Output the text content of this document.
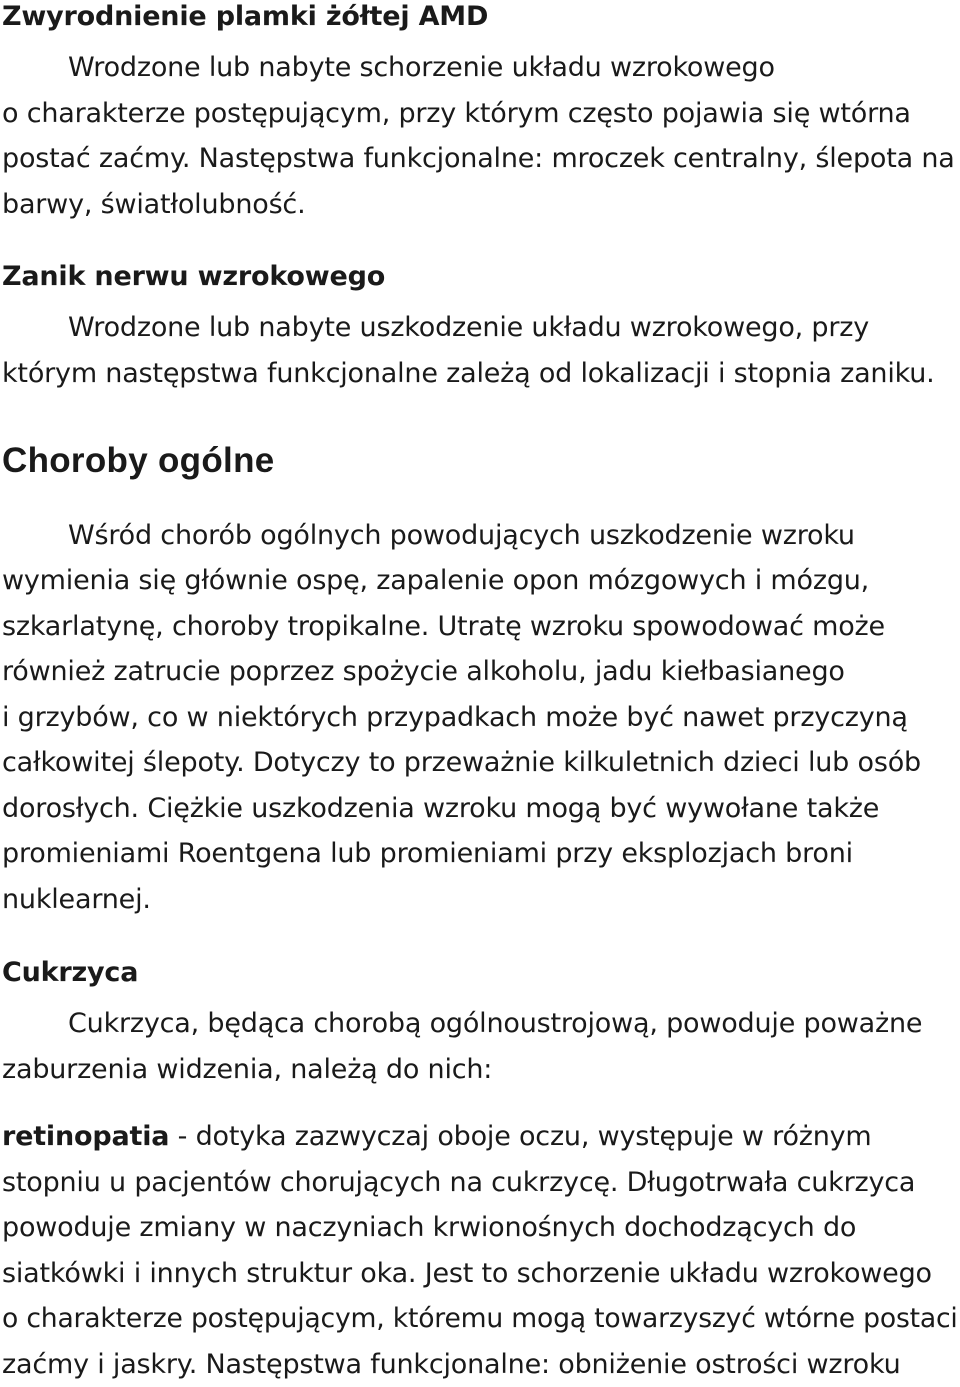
Zwyrodnienie plamki żółtej AMD
Wrodzone lub nabyte schorzenie układu wzrokowego
o charakterze postępującym, przy którym często pojawia się wtórna
postać zaćmy. Następstwa funkcjonalne: mroczek centralny, ślepota na
barwy, światłolubność.
Zanik nerwu wzrokowego
Wrodzone lub nabyte uszkodzenie układu wzrokowego, przy
którym następstwa funkcjonalne zależą od lokalizacji i stopnia zaniku.
Choroby ogólne
Wśród chorób ogólnych powodujących uszkodzenie wzroku
wymienia się głównie ospę, zapalenie opon mózgowych i mózgu,
szkarlatynę, choroby tropikalne. Utratę wzroku spowodować może
również zatrucie poprzez spożycie alkoholu, jadu kiełbasianego
i grzybów, co w niektórych przypadkach może być nawet przyczyną
całkowitej ślepoty. Dotyczy to przeważnie kilkuletnich dzieci lub osób
dorosłych. Ciężkie uszkodzenia wzroku mogą być wywołane także
promieniami Roentgena lub promieniami przy eksplozjach broni
nuklearnej.
Cukrzyca
Cukrzyca, będąca chorobą ogólnoustrojową, powoduje poważne
zaburzenia widzenia, należą do nich:
retinopatia - dotyka zazwyczaj oboje oczu, występuje w różnym
stopniu u pacjentów chorujących na cukrzycę. Długotrwała cukrzyca
powoduje zmiany w naczyniach krwionośnych dochodzących do
siatkówki i innych struktur oka. Jest to schorzenie układu wzrokowego
o charakterze postępującym, któremu mogą towarzyszyć wtórne postaci
zaćmy i jaskry. Następstwa funkcjonalne: obniżenie ostrości wzroku
